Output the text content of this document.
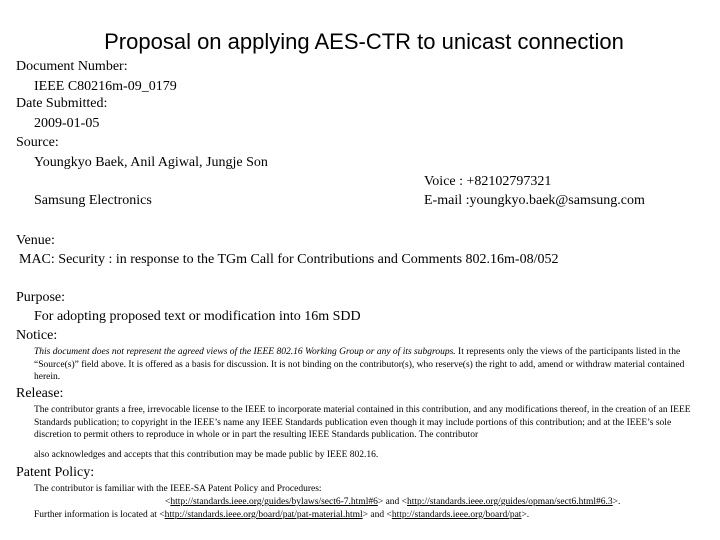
Proposal on applying AES-CTR to unicast connection
Document Number:
IEEE C80216m-09_0179
Date Submitted:
2009-01-05
Source:
Youngkyo Baek, Anil Agiwal, Jungje Son
Voice : +82102797321
Samsung Electronics	E-mail :youngkyo.baek@samsung.com
Venue:
MAC: Security : in response to the TGm Call for Contributions and Comments 802.16m-08/052
Purpose:
For adopting proposed text or modification into 16m SDD
Notice:
This document does not represent the agreed views of the IEEE 802.16 Working Group or any of its subgroups. It represents only the views of the participants listed in the “Source(s)” field above. It is offered as a basis for discussion. It is not binding on the contributor(s), who reserve(s) the right to add, amend or withdraw material contained herein.
Release:
The contributor grants a free, irrevocable license to the IEEE to incorporate material contained in this contribution, and any modifications thereof, in the creation of an IEEE Standards publication; to copyright in the IEEE’s name any IEEE Standards publication even though it may include portions of this contribution; and at the IEEE’s sole discretion to permit others to reproduce in whole or in part the resulting IEEE Standards publication. The contributor
also acknowledges and accepts that this contribution may be made public by IEEE 802.16.
Patent Policy:
The contributor is familiar with the IEEE-SA Patent Policy and Procedures:
<http://standards.ieee.org/guides/bylaws/sect6-7.html#6> and <http://standards.ieee.org/guides/opman/sect6.html#6.3>.
Further information is located at <http://standards.ieee.org/board/pat/pat-material.html> and <http://standards.ieee.org/board/pat>.
